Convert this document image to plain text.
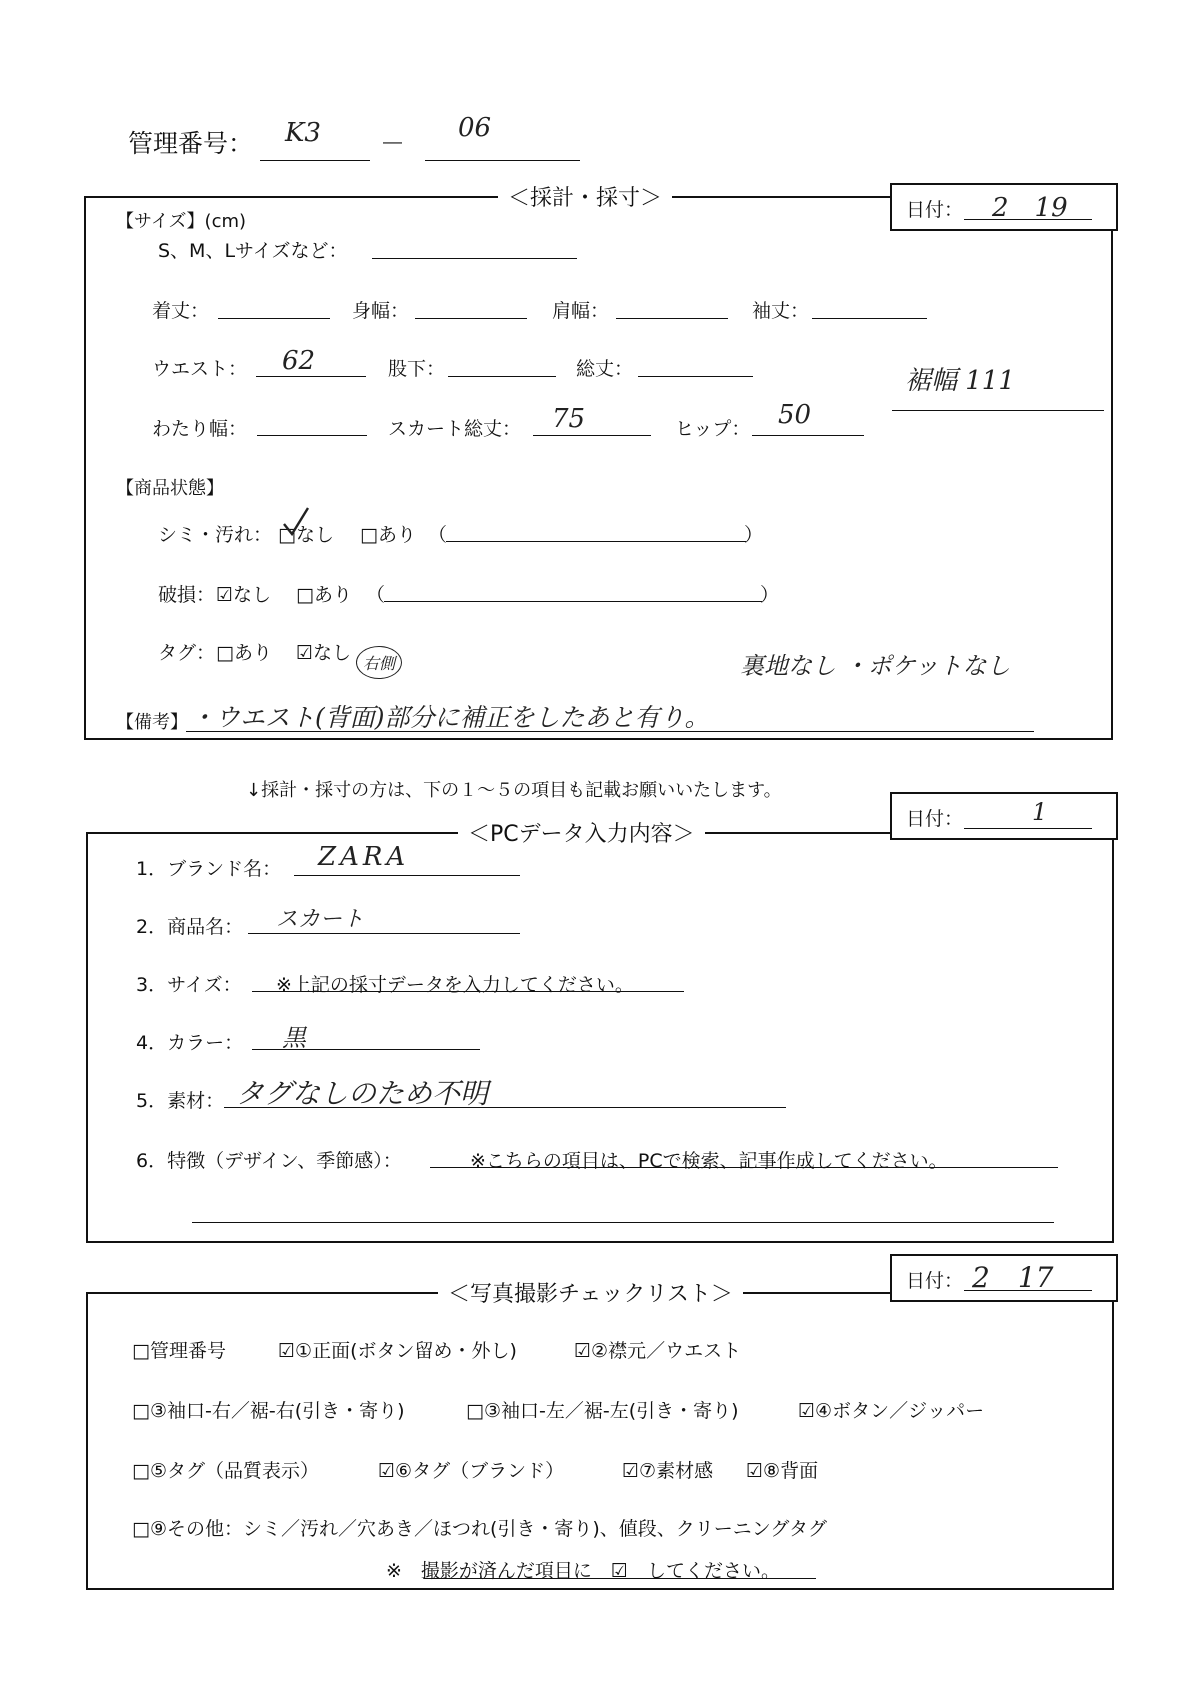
管理番号： K3 －
06
＜採計・採寸＞	日付： 2　19
【サイズ】(cm)
S、M、Lサイズなど：
着丈：	身幅：	肩幅：	袖丈：
ウエスト： 62	股下：	総丈：	裾幅 111
わたり幅：	スカート総丈： 75	ヒップ： 50
【商品状態】
シミ・汚れ： □なし □あり （	）
破損： ☑なし □あり （	）
タグ： □あり ☑なし	裏地なし ・ポケットなし
右側
【備考】 ・ウエスト(背面)部分に補正をしたあと有り。
↓採計・採寸の方は、下の１～５の項目も記載お願いいたします。
＜PCデータ入力内容＞
日付：	1
1．ブランド名： ZARA
2．商品名： スカート
3．サイズ： ※上記の採寸データを入力してください。
4．カラー： 黒
5．素材： タグなしのため不明
6．特徴（デザイン、季節感）：	※こちらの項目は、PCで検索、記事作成してください。
＜写真撮影チェックリスト＞
日付： 2　17
□管理番号	☑①正面(ボタン留め・外し)	☑②襟元／ウエスト
□③袖口-右／裾-右(引き・寄り)	□③袖口-左／裾-左(引き・寄り)	☑④ボタン／ジッパー
□⑤タグ（品質表示）	☑⑥タグ（ブランド）	☑⑦素材感 ☑⑧背面
□⑨その他：シミ／汚れ／穴あき／ほつれ(引き・寄り)、値段、クリーニングタグ
※　撮影が済んだ項目に　☑　してください。
